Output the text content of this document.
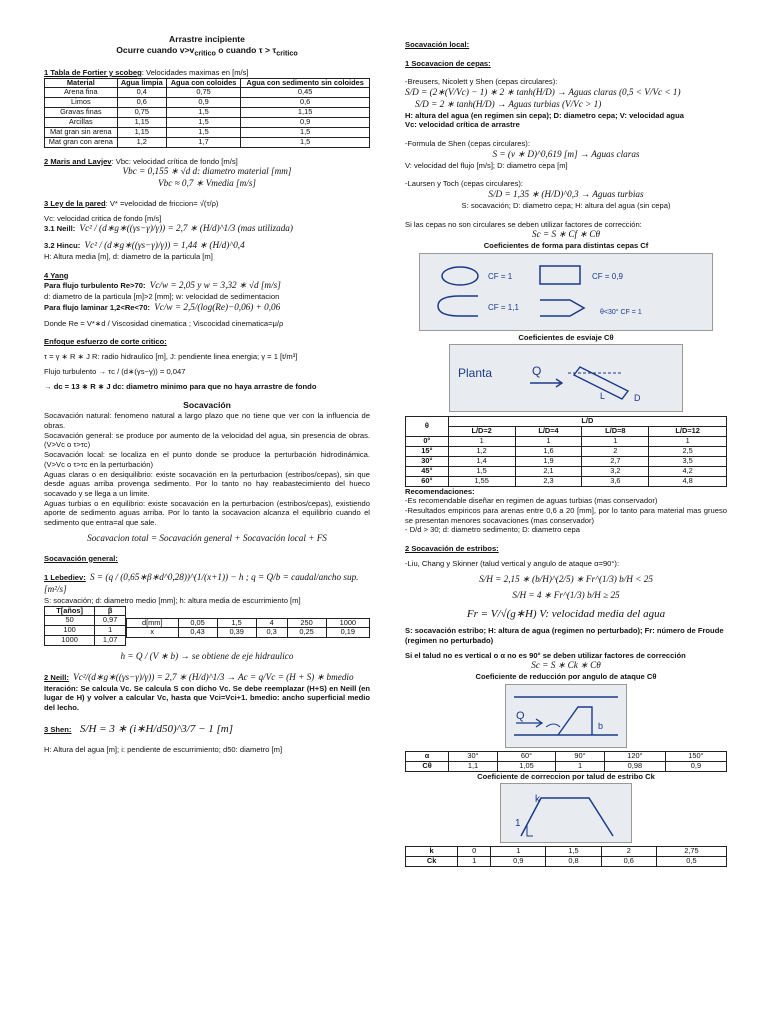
Arrastre incipiente

Ocurre cuando $v>v_{critico}$ o cuando $\tau > \tau_{critico}$

1 Tabla de Fortier y scobeg: Velocidades maximas en [m/s]

Material	Agua limpia	Agua con coloides	Agua con sedimento sin coloides
Arena fina	0,4	0,75	0,45
Limos	0,6	0,9	0,6
Gravas finas	0,75	1,5	1,15
Arcillas	1,15	1,5	0,9
Mat gran sin arena	1,15	1,5	1,5
Mat gran con arena	1,2	1,7	1,5

2 Maris and Lavjev: Vbc: velocidad crítica de fondo [m/s]

Vbc = 0,155 ∗ √d d: diametro material [mm]

Vbc ≈ 0,7 ∗ Vmedia [m/s]

3 Ley de la pared: V* =velocidad de friccion= √(τ/ρ)

Vc: velocidad critica de fondo [m/s]

3.1 Neill: Vc² / (d∗g∗((γs−γ)/γ)) = 2,7 ∗ (H/d)^1/3 (mas utilizada)

3.2 Hincu: Vc² / (d∗g∗((γs−γ)/γ)) = 1,44 ∗ (H/d)^0,4

H: Altura media [m], d: diametro de la particula [m]

4 Yang

Para flujo turbulento Re>70: Vc/w = 2,05 y w = 3,32 ∗ √d [m/s]

d: diametro de la particula [m]>2 [mm]; w: velocidad de sedimentacion

Para flujo laminar 1,2<Re<70: Vc/w = 2,5/(log(Re)−0,06) + 0,06

Donde Re = V*∗d / Viscosidad cinematica ; Viscocidad cinematica=μ/ρ

Enfoque esfuerzo de corte critico:

τ = γ ∗ R ∗ J R: radio hidraulico [m], J: pendiente linea energia; γ = 1 [t/m³]

Flujo turbulento → τc / (d∗(γs−γ)) = 0,047

→ dc = 13 ∗ R ∗ J dc: diametro minimo para que no haya arrastre de fondo

Socavación

Socavación natural: fenomeno natural a largo plazo que no tiene que ver con la influencia de obras.

Socavación general: se produce por aumento de la velocidad del agua, sin presencia de obras. (V>Vc o τ>τc)

Socavación local: se localiza en el punto donde se produce la perturbación hidrodinámica. (V>Vc o τ>τc en la perturbación)

Aguas claras o en desiquilibrio: existe socavación en la perturbacion (estribos/cepas), sin que desde aguas arriba provenga sedimento. Por lo tanto no hay reabastecimiento del hueco socavado y se llega a un limite.

Aguas turbias o en equilibrio: existe socavación en la perturbacion (estribos/cepas), existiendo aporte de sedimento aguas arriba. Por lo tanto la socavacion alcanza el equilibrio cuando el sedimento que entra=al que sale.

Socavacion total = Socavación general + Socavación local + FS

Socavación general:

1 Lebediev: S = (q / (0,65∗β∗d^0,28))^(1/(x+1)) − h ; q = Q/b = caudal/ancho sup. [m²/s]

S: socavación; d: diametro medio [mm]; h: altura media de escurrimiento [m]

T[años]	β
50	0,97
100	1
1000	1,07
d[mm]	0,05	1,5	4	250	1000
x	0,43	0,39	0,3	0,25	0,19

h = Q / (V ∗ b) → se obtiene de eje hidraulico

2 Neill: Vc²/(d∗g∗((γs−γ)/γ)) = 2,7 ∗ (H/d)^1/3 → Ac = q/Vc = (H + S) ∗ bmedio

Iteración: Se calcula Vc. Se calcula S con dicho Vc. Se debe reemplazar (H+S) en Neill (en lugar de H) y volver a calcular Vc, hasta que Vci=Vci+1. bmedio: ancho superficial medio del lecho.

3 Shen: S/H = 3 ∗ (i∗H/d50)^3/7 − 1 [m]

H: Altura del agua [m]; i: pendiente de escurrimiento; d50: diametro [m]

Socavación local:

1 Socavacion de cepas:

-Breusers, Nicolett y Shen (cepas circulares):

S/D = (2∗(V/Vc) − 1) ∗ 2 ∗ tanh(H/D) → Aguas claras (0,5 < V/Vc < 1)

S/D = 2 ∗ tanh(H/D) → Aguas turbias (V/Vc > 1)

H: altura del agua (en regimen sin cepa); D: diametro cepa; V: velocidad agua

Vc: velocidad crítica de arrastre

-Formula de Shen (cepas circulares):

S = (v ∗ D)^0,619 [m] → Aguas claras

V: velocidad del flujo [m/s]; D: diametro cepa [m]

-Laursen y Toch (cepas circulares):

S/D = 1,35 ∗ (H/D)^0,3 → Aguas turbias

S: socavación; D: diametro cepa; H: altura del agua (sin cepa)

Si las cepas no son circulares se deben utilizar factores de corrección:

Sc = S ∗ Cf ∗ Cθ

Coeficientes de forma para distintas cepas Cf

CF = 1
CF = 1,1
CF = 0,9
θ<30° CF = 1

Coeficientes de esviaje Cθ

Planta	Q
L	D
θ	L/D			
	L/D=2	L/D=4	L/D=8	L/D=12
0°	1	1	1	1
15°	1,2	1,6	2	2,5
30°	1,4	1,9	2,7	3,5
45°	1,5	2,1	3,2	4,2
60°	1,55	2,3	3,6	4,8

Recomendaciones:

-Es recomendable diseñar en regimen de aguas turbias (mas conservador)

-Resultados empiricos para arenas entre 0,6 a 20 [mm], por lo tanto para material mas grueso se presentan menores socavaciones (mas conservador)

- D/d > 30; d: diametro sedimento; D: diametro cepa

2 Socavación de estribos:

-Liu, Chang y Skinner (talud vertical y angulo de ataque α=90°):

S/H = 2,15 ∗ (b/H)^(2/5) ∗ Fr^(1/3) b/H < 25

S/H = 4 ∗ Fr^(1/3) b/H ≥ 25

Fr = V/√(g∗H) V: velocidad media del agua

S: socavación estribo; H: altura de agua (regimen no perturbado); Fr: número de Froude (regimen no perturbado)

Si el talud no es vertical o α no es 90° se deben utilizar factores de corrección

Sc = S ∗ Ck ∗ Cθ

Coeficiente de reducción por angulo de ataque Cθ

Q
b
α	30°	60°	90°	120°	150°
Cθ	1,1	1,05	1	0,98	0,9

Coeficiente de correccion por talud de estribo Ck

k
1
k	0	1	1,5	2	2,75
Ck	1	0,9	0,8	0,6	0,5
